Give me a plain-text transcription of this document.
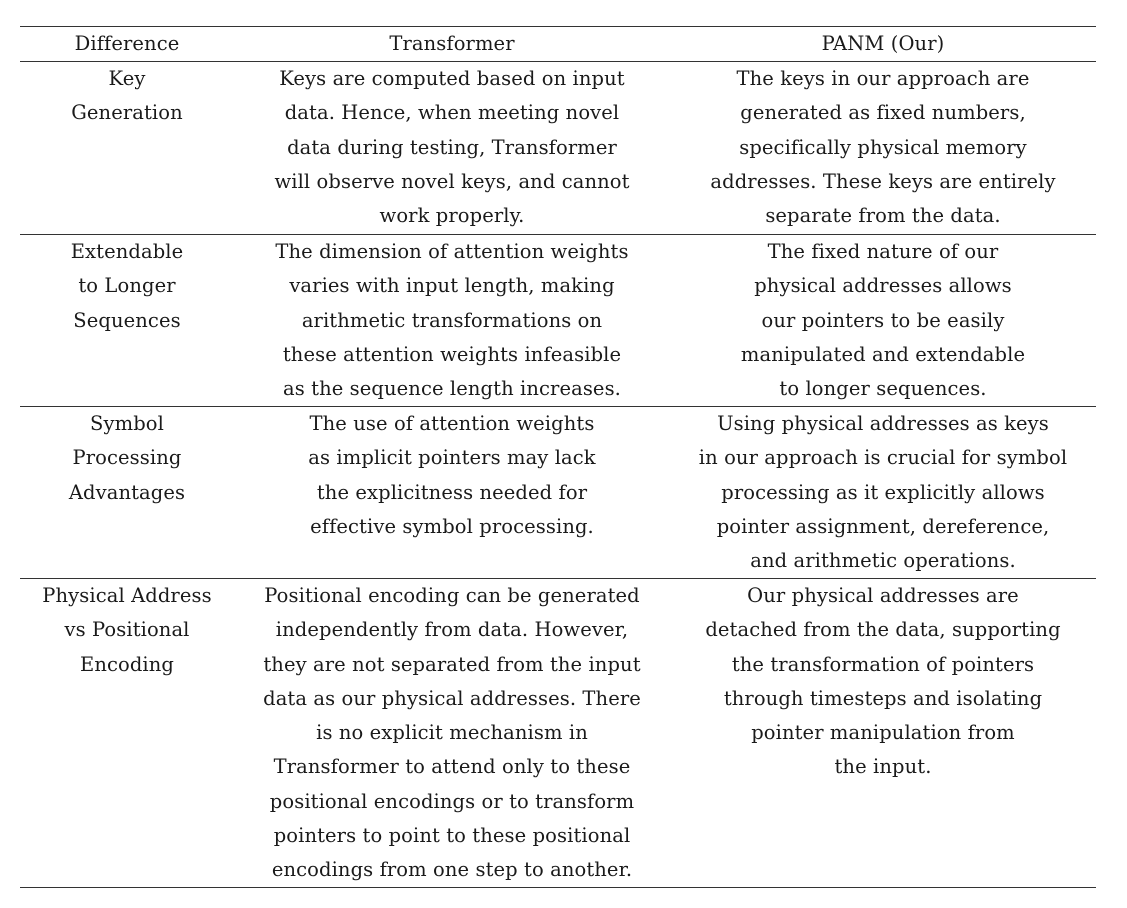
Difference	Transformer	PANM (Our)
Key
Generation
Keys are computed based on input
data. Hence, when meeting novel
data during testing, Transformer
will observe novel keys, and cannot
work properly.
The keys in our approach are
generated as fixed numbers,
specifically physical memory
addresses. These keys are entirely
separate from the data.
Extendable
to Longer
Sequences
The dimension of attention weights
varies with input length, making
arithmetic transformations on
these attention weights infeasible
as the sequence length increases.
The fixed nature of our
physical addresses allows
our pointers to be easily
manipulated and extendable
to longer sequences.
Symbol
Processing
Advantages
The use of attention weights
as implicit pointers may lack
the explicitness needed for
effective symbol processing.
Using physical addresses as keys
in our approach is crucial for symbol
processing as it explicitly allows
pointer assignment, dereference,
and arithmetic operations.
Physical Address
vs Positional
Encoding
Positional encoding can be generated
independently from data. However,
they are not separated from the input
data as our physical addresses. There
is no explicit mechanism in
Transformer to attend only to these
positional encodings or to transform
pointers to point to these positional
encodings from one step to another.
Our physical addresses are
detached from the data, supporting
the transformation of pointers
through timesteps and isolating
pointer manipulation from
the input.
